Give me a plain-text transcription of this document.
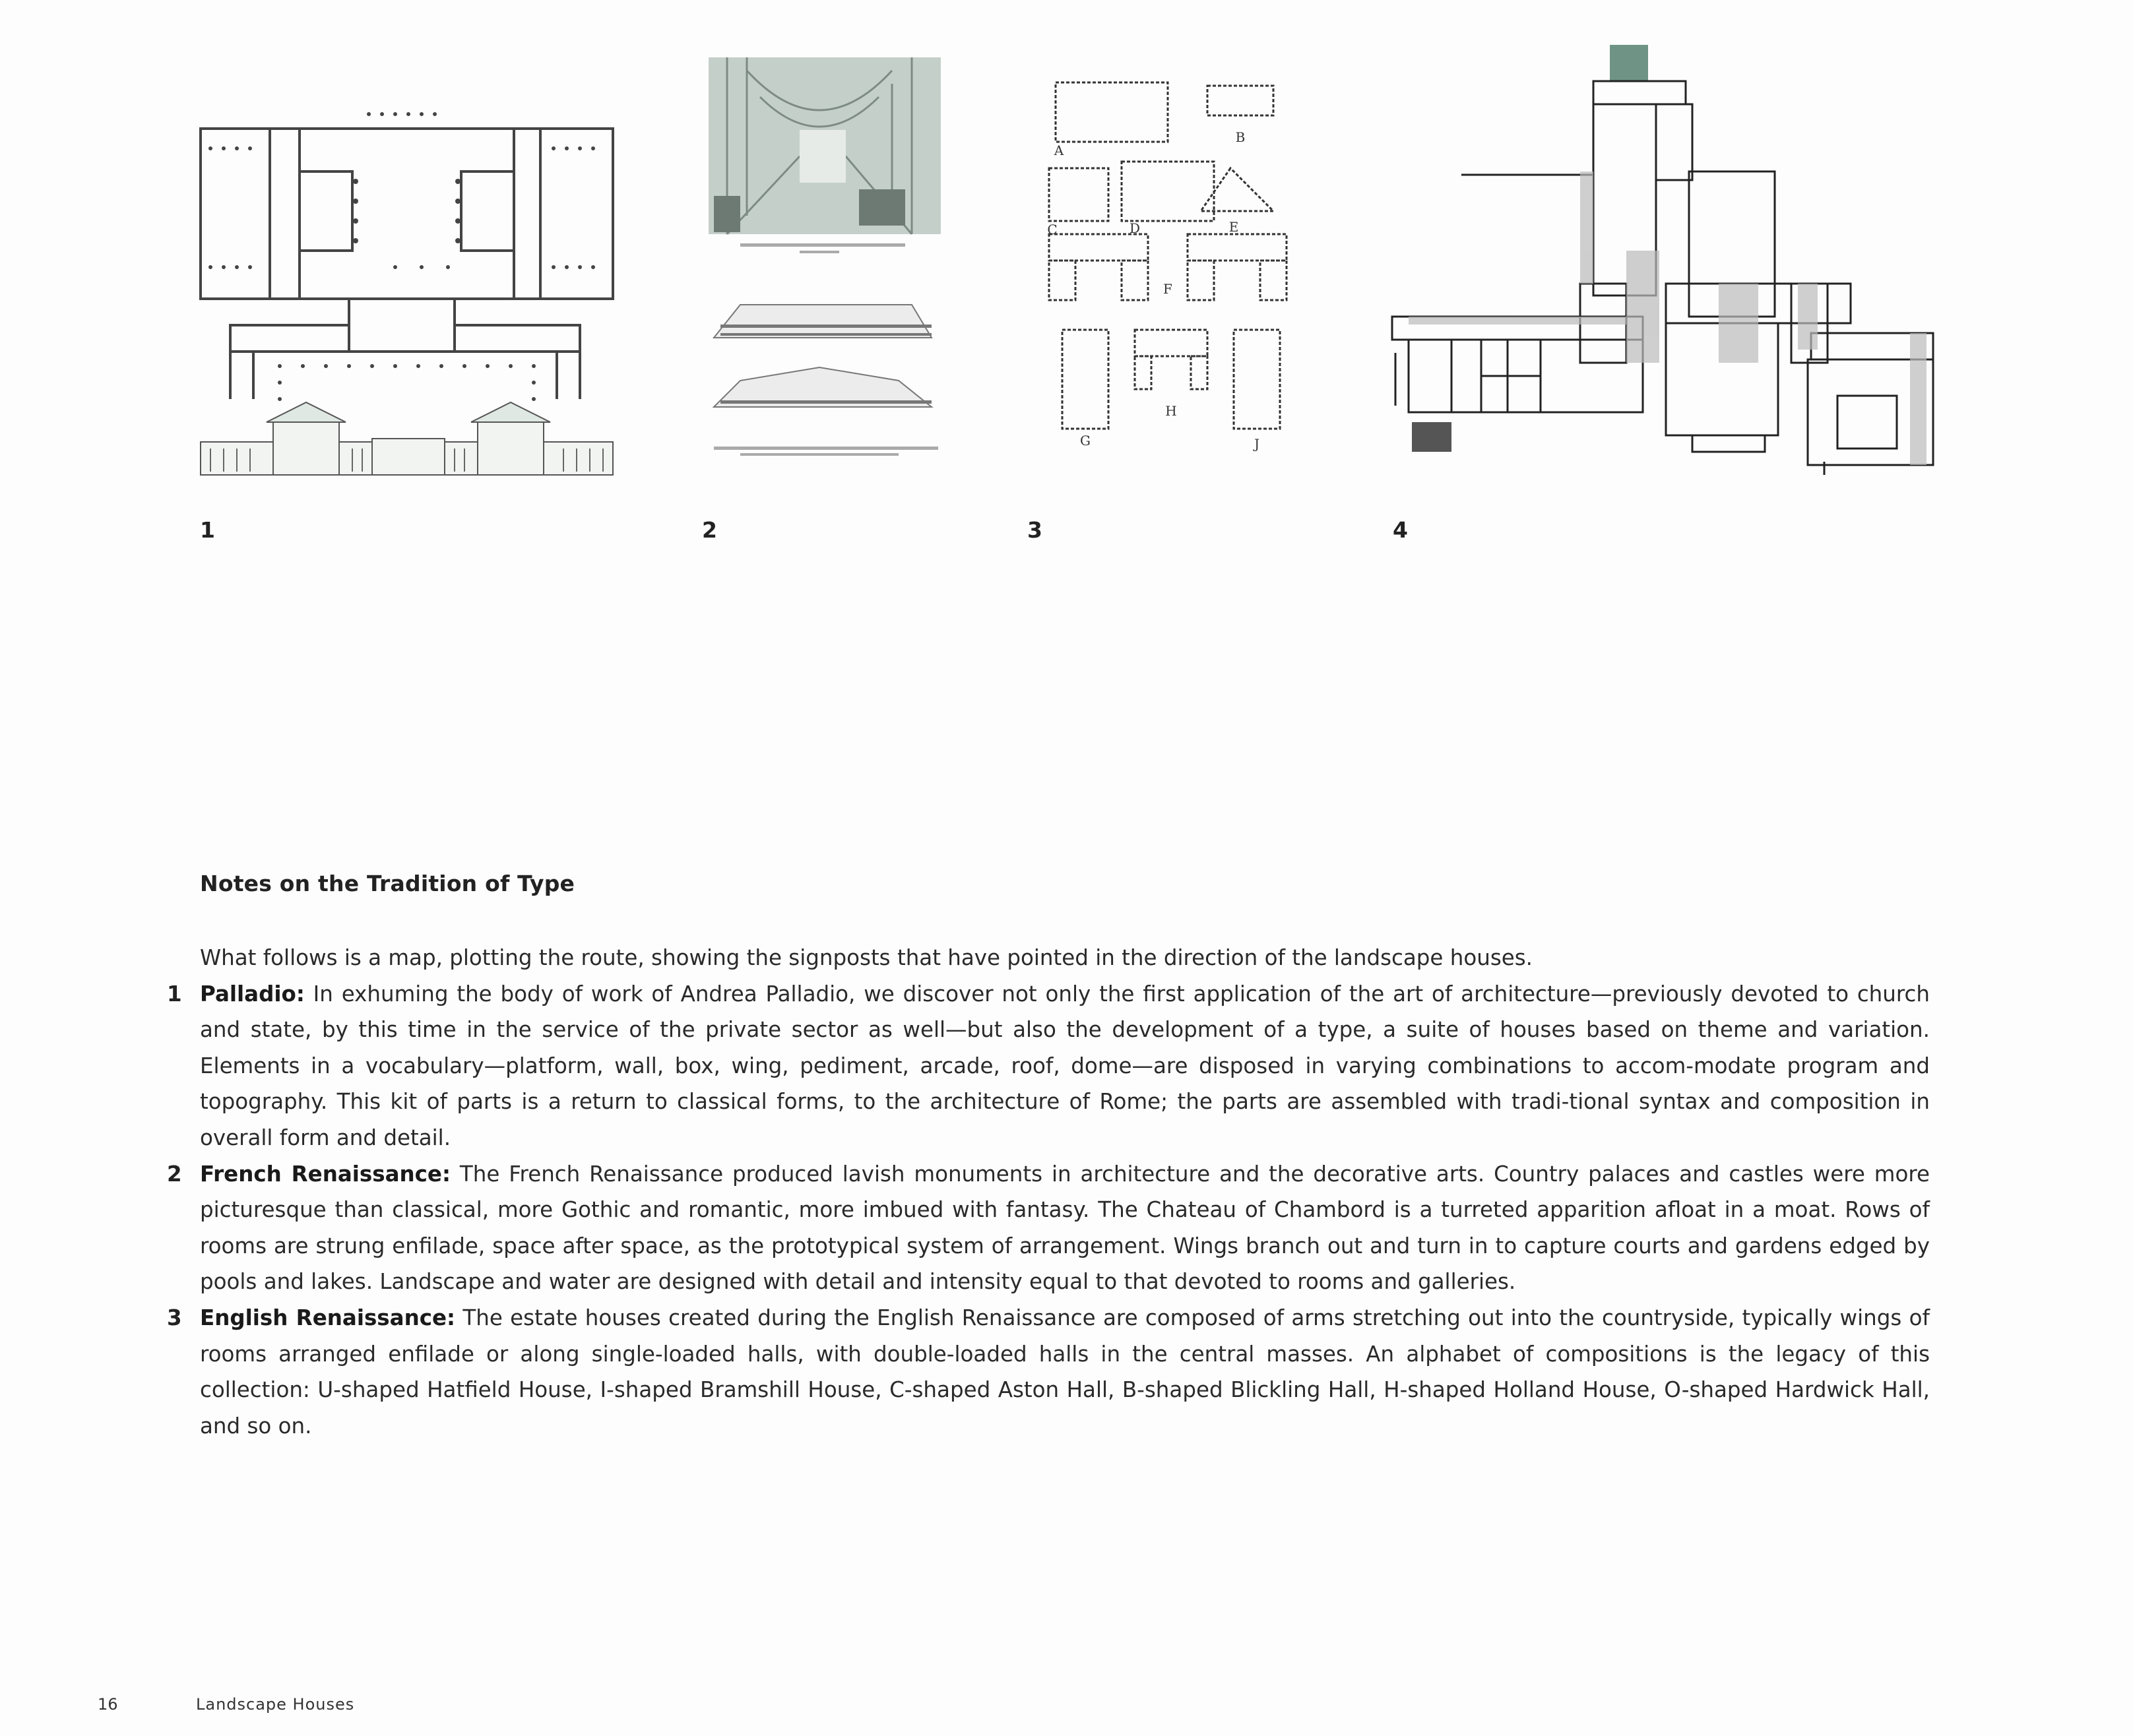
A
B
C	D	E
F
G
H
J
1	2	3	4
Notes on the Tradition of Type

What follows is a map, plotting the route, showing the signposts that have pointed in the direction of the landscape houses.

1 Palladio: In exhuming the body of work of Andrea Palladio, we discover not only the first application of the art of architecture—previously devoted to church and state, by this time in the service of the private sector as well—but also the development of a type, a suite of houses based on theme and variation. Elements in a vocabulary—platform, wall, box, wing, pediment, arcade, roof, dome—are disposed in varying combinations to accom-modate program and topography. This kit of parts is a return to classical forms, to the architecture of Rome; the parts are assembled with tradi-tional syntax and composition in overall form and detail.

2 French Renaissance: The French Renaissance produced lavish monuments in architecture and the decorative arts. Country palaces and castles were more picturesque than classical, more Gothic and romantic, more imbued with fantasy. The Chateau of Chambord is a turreted apparition afloat in a moat. Rows of rooms are strung enfilade, space after space, as the prototypical system of arrangement. Wings branch out and turn in to capture courts and gardens edged by pools and lakes. Landscape and water are designed with detail and intensity equal to that devoted to rooms and galleries.

3 English Renaissance: The estate houses created during the English Renaissance are composed of arms stretching out into the countryside, typically wings of rooms arranged enfilade or along single-loaded halls, with double-loaded halls in the central masses. An alphabet of compositions is the legacy of this collection: U-shaped Hatfield House, I-shaped Bramshill House, C-shaped Aston Hall, B-shaped Blickling Hall, H-shaped Holland House, O-shaped Hardwick Hall, and so on.

16	Landscape Houses
